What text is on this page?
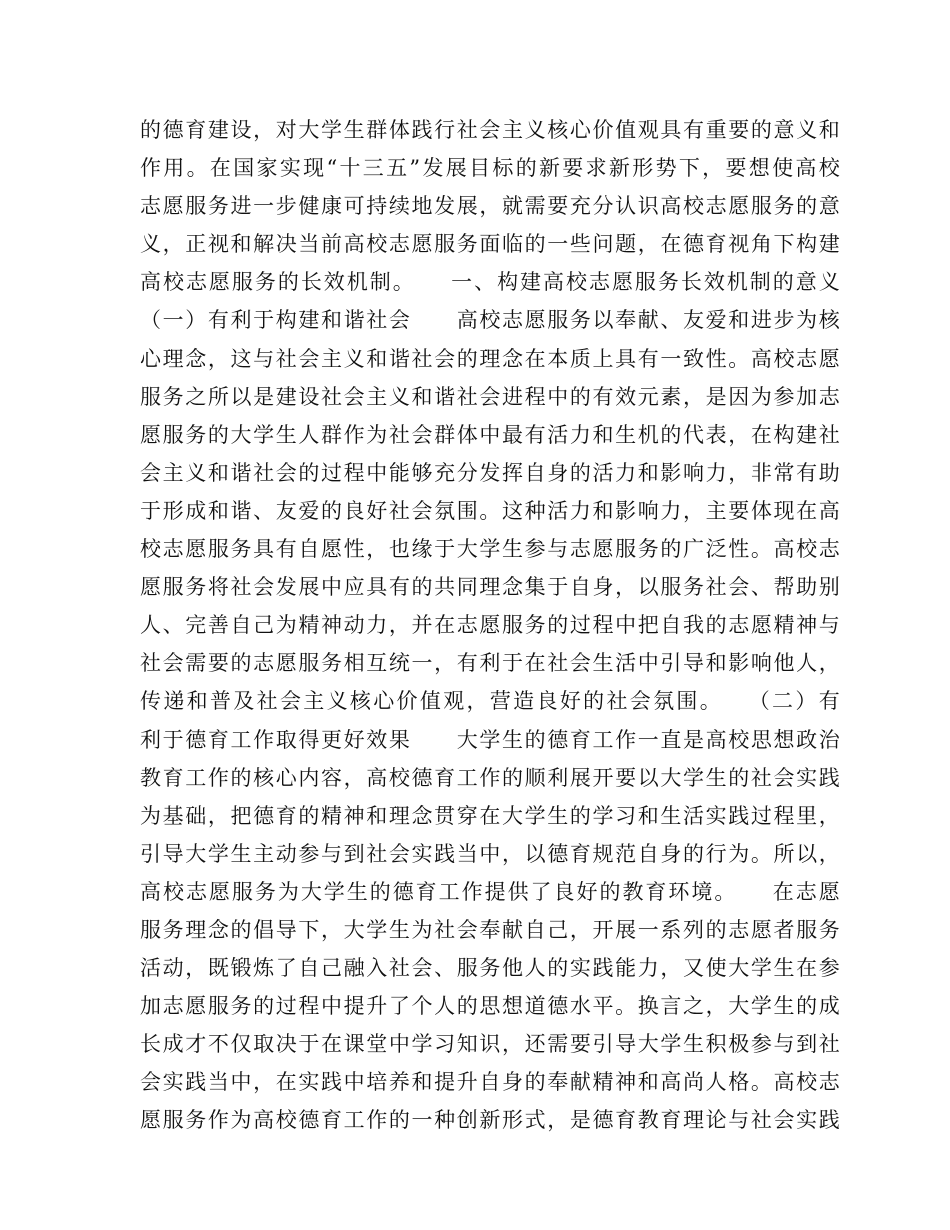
的德育建设，对大学生群体践行社会主义核心价值观具有重要的意义和
作用。在国家实现“十三五”发展目标的新要求新形势下，要想使高校
志愿服务进一步健康可持续地发展，就需要充分认识高校志愿服务的意
义，正视和解决当前高校志愿服务面临的一些问题，在德育视角下构建
高校志愿服务的长效机制。　　一、构建高校志愿服务长效机制的意义
（一）有利于构建和谐社会　　高校志愿服务以奉献、友爱和进步为核
心理念，这与社会主义和谐社会的理念在本质上具有一致性。高校志愿
服务之所以是建设社会主义和谐社会进程中的有效元素，是因为参加志
愿服务的大学生人群作为社会群体中最有活力和生机的代表，在构建社
会主义和谐社会的过程中能够充分发挥自身的活力和影响力，非常有助
于形成和谐、友爱的良好社会氛围。这种活力和影响力，主要体现在高
校志愿服务具有自愿性，也缘于大学生参与志愿服务的广泛性。高校志
愿服务将社会发展中应具有的共同理念集于自身，以服务社会、帮助别
人、完善自己为精神动力，并在志愿服务的过程中把自我的志愿精神与
社会需要的志愿服务相互统一，有利于在社会生活中引导和影响他人，
传递和普及社会主义核心价值观，营造良好的社会氛围。　　（二）有
利于德育工作取得更好效果　　大学生的德育工作一直是高校思想政治
教育工作的核心内容，高校德育工作的顺利展开要以大学生的社会实践
为基础，把德育的精神和理念贯穿在大学生的学习和生活实践过程里，
引导大学生主动参与到社会实践当中，以德育规范自身的行为。所以，
高校志愿服务为大学生的德育工作提供了良好的教育环境。　　在志愿
服务理念的倡导下，大学生为社会奉献自己，开展一系列的志愿者服务
活动，既锻炼了自己融入社会、服务他人的实践能力，又使大学生在参
加志愿服务的过程中提升了个人的思想道德水平。换言之，大学生的成
长成才不仅取决于在课堂中学习知识，还需要引导大学生积极参与到社
会实践当中，在实践中培养和提升自身的奉献精神和高尚人格。高校志
愿服务作为高校德育工作的一种创新形式，是德育教育理论与社会实践
